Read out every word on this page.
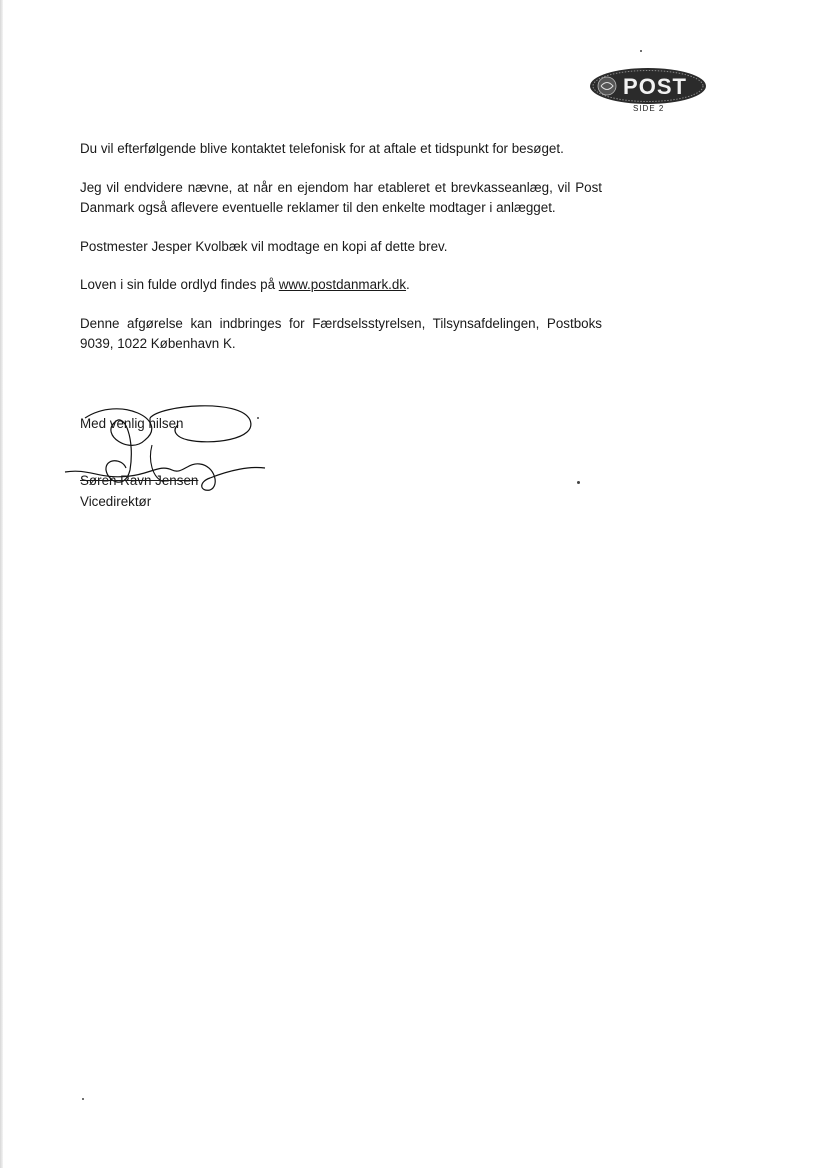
POST
SIDE 2

Du vil efterfølgende blive kontaktet telefonisk for at aftale et tidspunkt for besøget.

Jeg vil endvidere nævne, at når en ejendom har etableret et brevkasseanlæg, vil Post Danmark også aflevere eventuelle reklamer til den enkelte modtager i anlægget.

Postmester Jesper Kvolbæk vil modtage en kopi af dette brev.

Loven i sin fulde ordlyd findes på www.postdanmark.dk.

Denne afgørelse kan indbringes for Færdselsstyrelsen, Tilsynsafdelingen, Postboks 9039, 1022 København K.

Med venlig hilsen
Søren Ravn Jensen
Vicedirektør
